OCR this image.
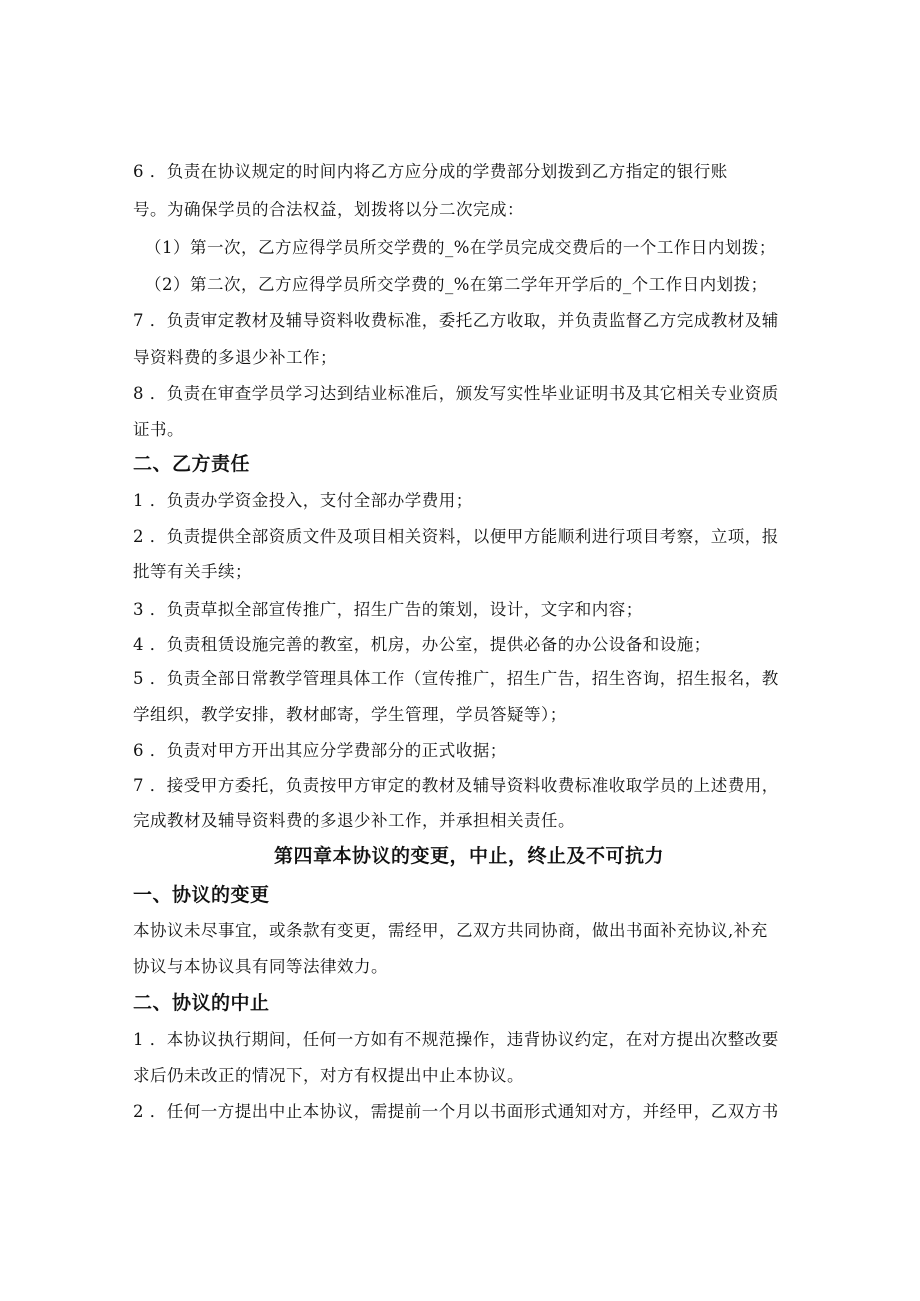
6 ．负责在协议规定的时间内将乙方应分成的学费部分划拨到乙方指定的银行账

号。为确保学员的合法权益，划拨将以分二次完成：

（1）第一次，乙方应得学员所交学费的_%在学员完成交费后的一个工作日内划拨；

（2）第二次，乙方应得学员所交学费的_%在第二学年开学后的_个工作日内划拨；

7 ．负责审定教材及辅导资料收费标准，委托乙方收取，并负责监督乙方完成教材及辅

导资料费的多退少补工作；

8 ．负责在审查学员学习达到结业标准后，颁发写实性毕业证明书及其它相关专业资质

证书。

二、乙方责任

1 ．负责办学资金投入，支付全部办学费用；

2 ．负责提供全部资质文件及项目相关资料，以便甲方能顺利进行项目考察，立项，报

批等有关手续；

3 ．负责草拟全部宣传推广，招生广告的策划，设计，文字和内容；

4 ．负责租赁设施完善的教室，机房，办公室，提供必备的办公设备和设施；

5 ．负责全部日常教学管理具体工作（宣传推广，招生广告，招生咨询，招生报名，教

学组织，教学安排，教材邮寄，学生管理，学员答疑等）；

6 ．负责对甲方开出其应分学费部分的正式收据；

7 ．接受甲方委托，负责按甲方审定的教材及辅导资料收费标准收取学员的上述费用，

完成教材及辅导资料费的多退少补工作，并承担相关责任。

第四章本协议的变更，中止，终止及不可抗力
一、协议的变更

本协议未尽事宜，或条款有变更，需经甲，乙双方共同协商，做出书面补充协议,补充

协议与本协议具有同等法律效力。

二、协议的中止

1 ．本协议执行期间，任何一方如有不规范操作，违背协议约定，在对方提出次整改要

求后仍未改正的情况下，对方有权提出中止本协议。

2 ．任何一方提出中止本协议，需提前一个月以书面形式通知对方，并经甲，乙双方书
